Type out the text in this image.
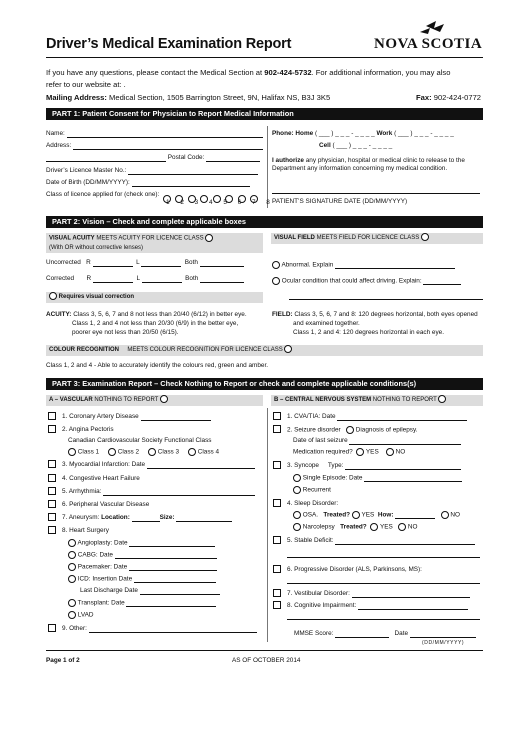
Driver’s Medical Examination Report	NOVA SCOTIA
If you have any questions, please contact the Medical Section at 902-424-5732. For additional information, you may also
refer to our website at: .
Mailing Address: Medical Section, 1505 Barrington Street, 9N, Halifax NS, B3J 3K5	Fax: 902-424-0772
PART 1: Patient Consent for Physician to Report Medical Information
Name:
Address:
Postal Code:
Driver’s Licence Master No.:
Date of Birth (DD/MM/YYYY):
Class of licence applied for (check one):

1 2 3 4 5 6 7 8
Phone: Home ( ___ ) _ _ _ - _ _ _ _ Work ( ___ ) _ _ _ - _ _ _ _
Cell ( ___ ) _ _ _ - _ _ _ _
I authorize any physician, hospital or medical clinic to release to the
Department any information concerning my medical condition.
PATIENT’S SIGNATURE DATE (DD/MM/YYYY)
PART 2: Vision – Check and complete applicable boxes
VISUAL ACUITY MEETS ACUITY FOR LICENCE CLASS
(With OR without corrective lenses)
VISUAL FIELD MEETS FIELD FOR LICENCE CLASS
Uncorrected R	L	Both
Corrected R	L	Both
Requires visual correction
Abnormal. Explain
Ocular condition that could affect driving. Explain:
ACUITY: Class 3, 5, 6, 7 and 8 not less than 20/40 (6/12) in better eye.
Class 1, 2 and 4 not less than 20/30 (6/9) in the better eye,
poorer eye not less than 20/50 (6/15).
FIELD: Class 3, 5, 6, 7 and 8: 120 degrees horizontal, both eyes opened
and examined together.
Class 1, 2 and 4: 120 degrees horizontal in each eye.
COLOUR RECOGNITION MEETS COLOUR RECOGNITION FOR LICENCE CLASS
Class 1, 2 and 4 - Able to accurately identify the colours red, green and amber.
PART 3: Examination Report – Check Nothing to Report or check and complete applicable conditions(s)
A – VASCULAR NOTHING TO REPORT	B – CENTRAL NERVOUS SYSTEM NOTHING TO REPORT
1. Coronary Artery Disease
2. Angina Pectoris
Canadian Cardiovascular Society Functional Class
Class 1	Class 2	Class 3	Class 4
3. Myocardial Infarction: Date
4. Congestive Heart Failure
5. Arrhythmia:
6. Peripheral Vascular Disease
7. Aneurysm: Location:	Size:
8. Heart Surgery
Angioplasty: Date
CABG: Date
Pacemaker: Date
ICD: Insertion Date
Last Discharge Date
Transplant: Date
LVAD
9. Other:
1. CVA/TIA: Date
2. Seizure disorder Diagnosis of epilepsy.
Date of last seizure
Medication required? YES	NO
3. Syncope Type:
Single Episode: Date
Recurrent
4. Sleep Disorder:
OSA. Treated? YES How:	NO
Narcolepsy Treated? YES NO
5. Stable Deficit:
6. Progressive Disorder (ALS, Parkinsons, MS):
7. Vestibular Disorder:
8. Cognitive Impairment:
MMSE Score:	Date
(DD/MM/YYYY)
Page 1 of 2	AS OF OCTOBER 2014
